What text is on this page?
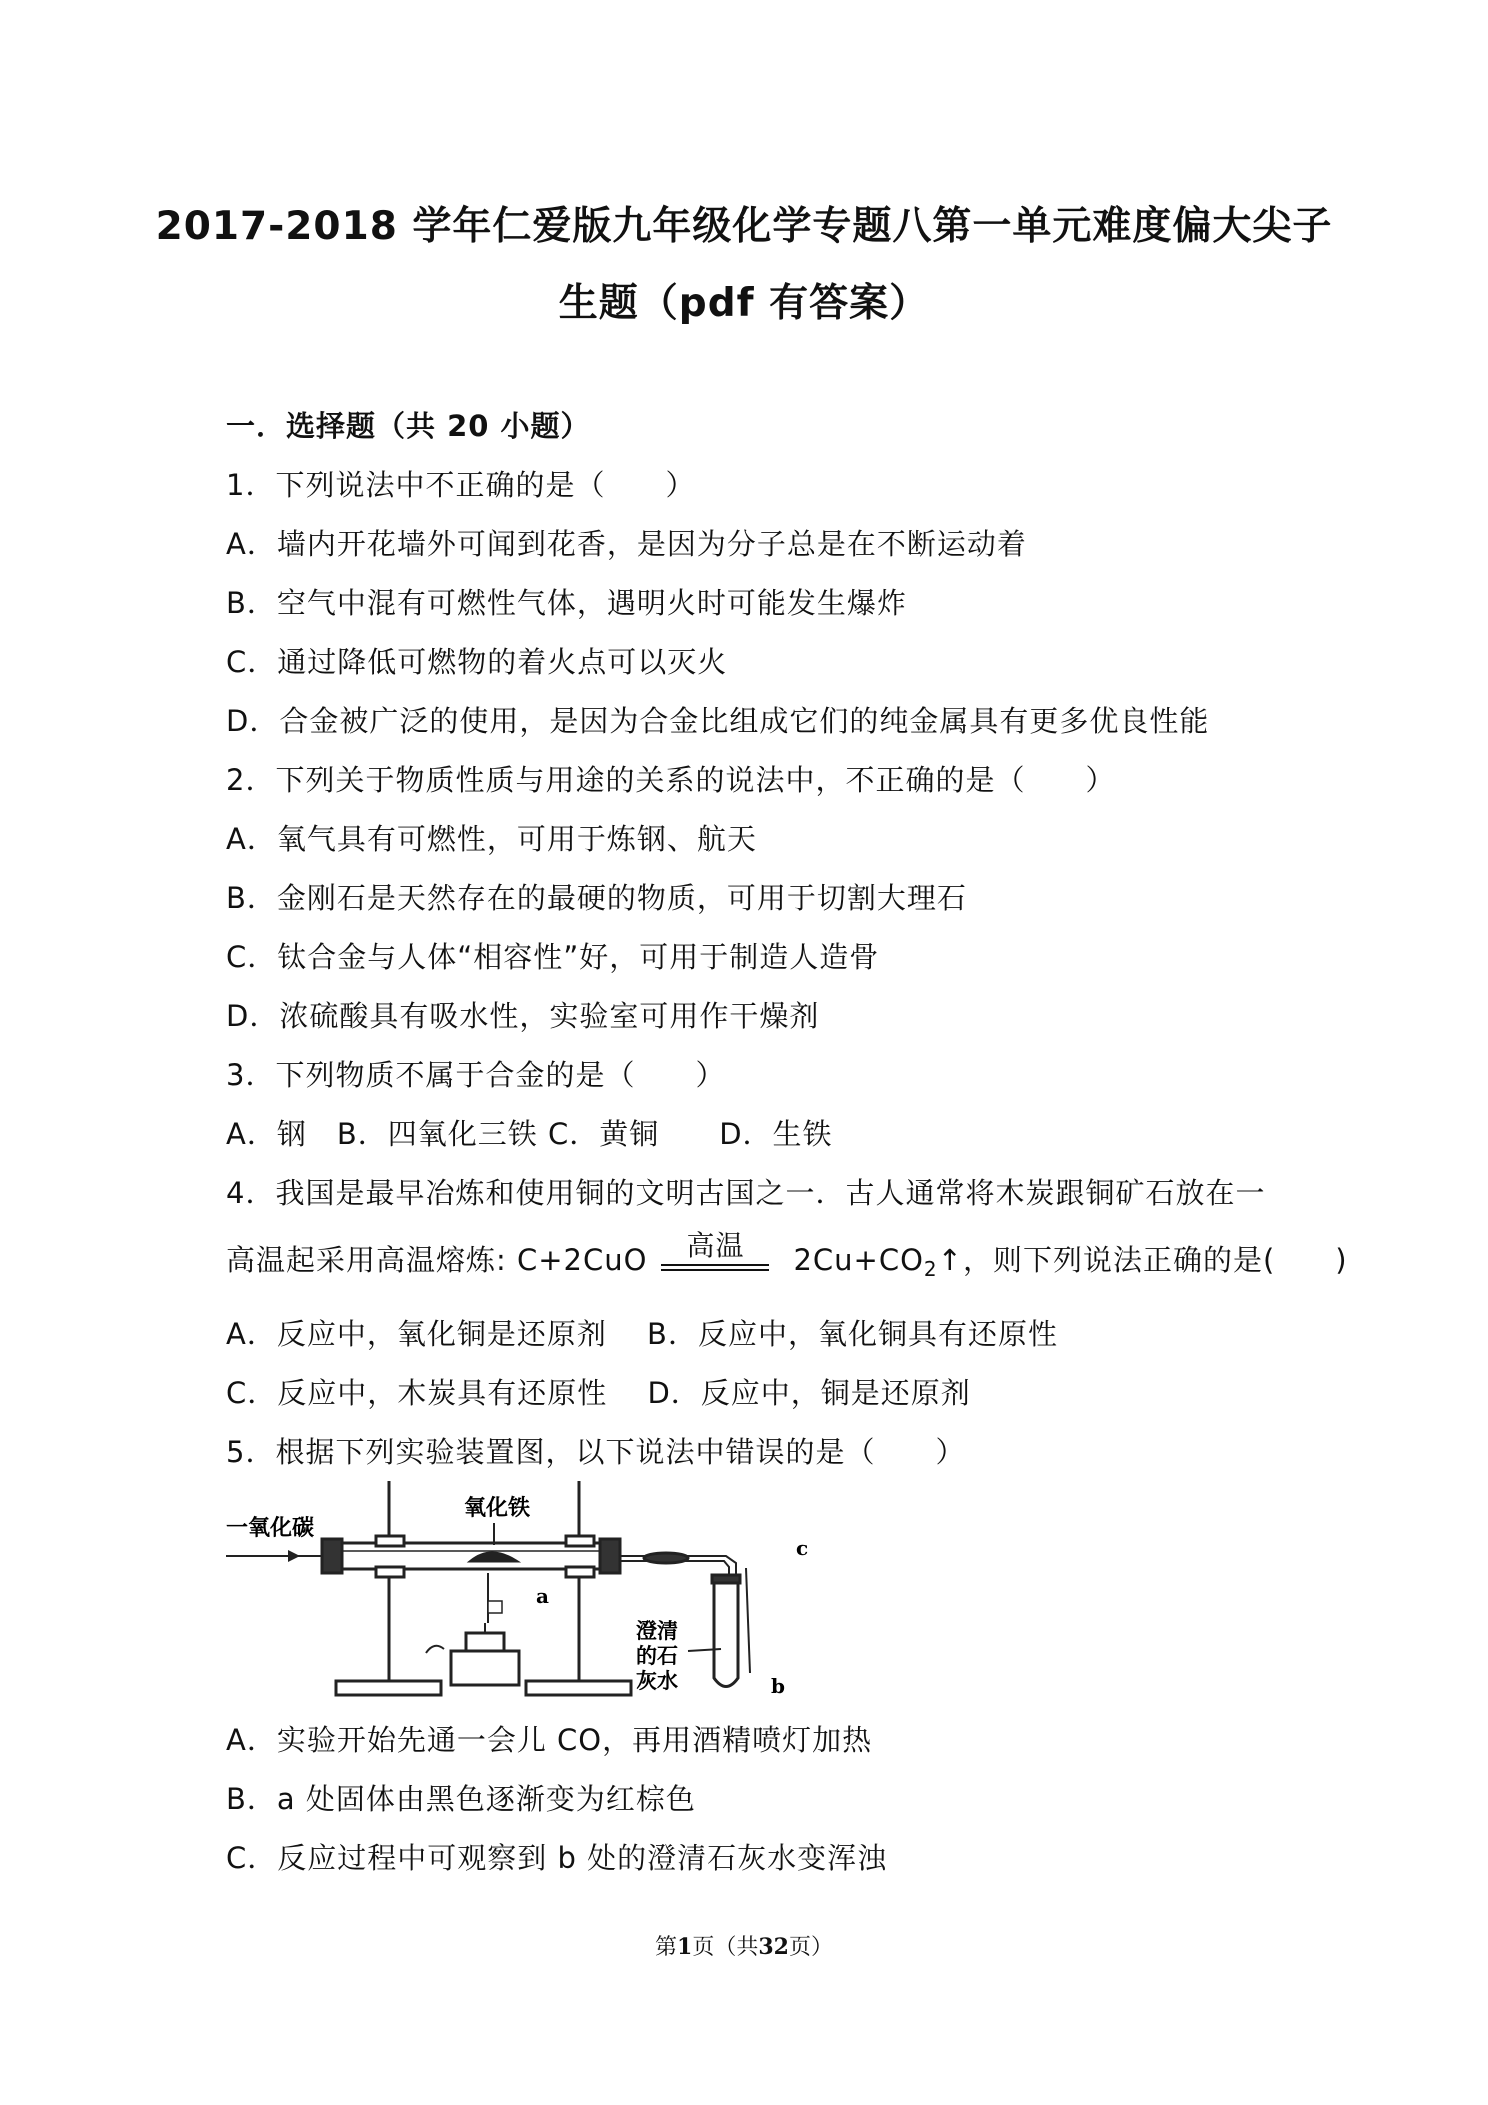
2017-2018 学年仁爱版九年级化学专题八第一单元难度偏大尖子
生题（pdf 有答案）
一．选择题（共 20 小题）
1．下列说法中不正确的是（　　）
A．墙内开花墙外可闻到花香，是因为分子总是在不断运动着
B．空气中混有可燃性气体，遇明火时可能发生爆炸
C．通过降低可燃物的着火点可以灭火
D．合金被广泛的使用，是因为合金比组成它们的纯金属具有更多优良性能
2．下列关于物质性质与用途的关系的说法中，不正确的是（　　）
A．氧气具有可燃性，可用于炼钢、航天
B．金刚石是天然存在的最硬的物质，可用于切割大理石
C．钛合金与人体“相容性”好，可用于制造人造骨
D．浓硫酸具有吸水性，实验室可用作干燥剂
3．下列物质不属于合金的是（　　）
A．钢　B．四氧化三铁 C．黄铜　　D．生铁
4．我国是最早冶炼和使用铜的文明古国之一．古人通常将木炭跟铜矿石放在一
高温起采用高温熔炼: C+2CuO	高温	$2Cu+CO_2↑$，则下列说法正确的是(　　)
A．反应中，氧化铜是还原剂　 B．反应中，氧化铜具有还原性
C．反应中，木炭具有还原性　 D．反应中，铜是还原剂
5．根据下列实验装置图，以下说法中错误的是（　　）
一氧化碳
氧化铁
a
b
c
澄清
的石
灰水
A．实验开始先通一会儿 CO，再用酒精喷灯加热
B．a 处固体由黑色逐渐变为红棕色
C．反应过程中可观察到 b 处的澄清石灰水变浑浊
第1页（共32页）
